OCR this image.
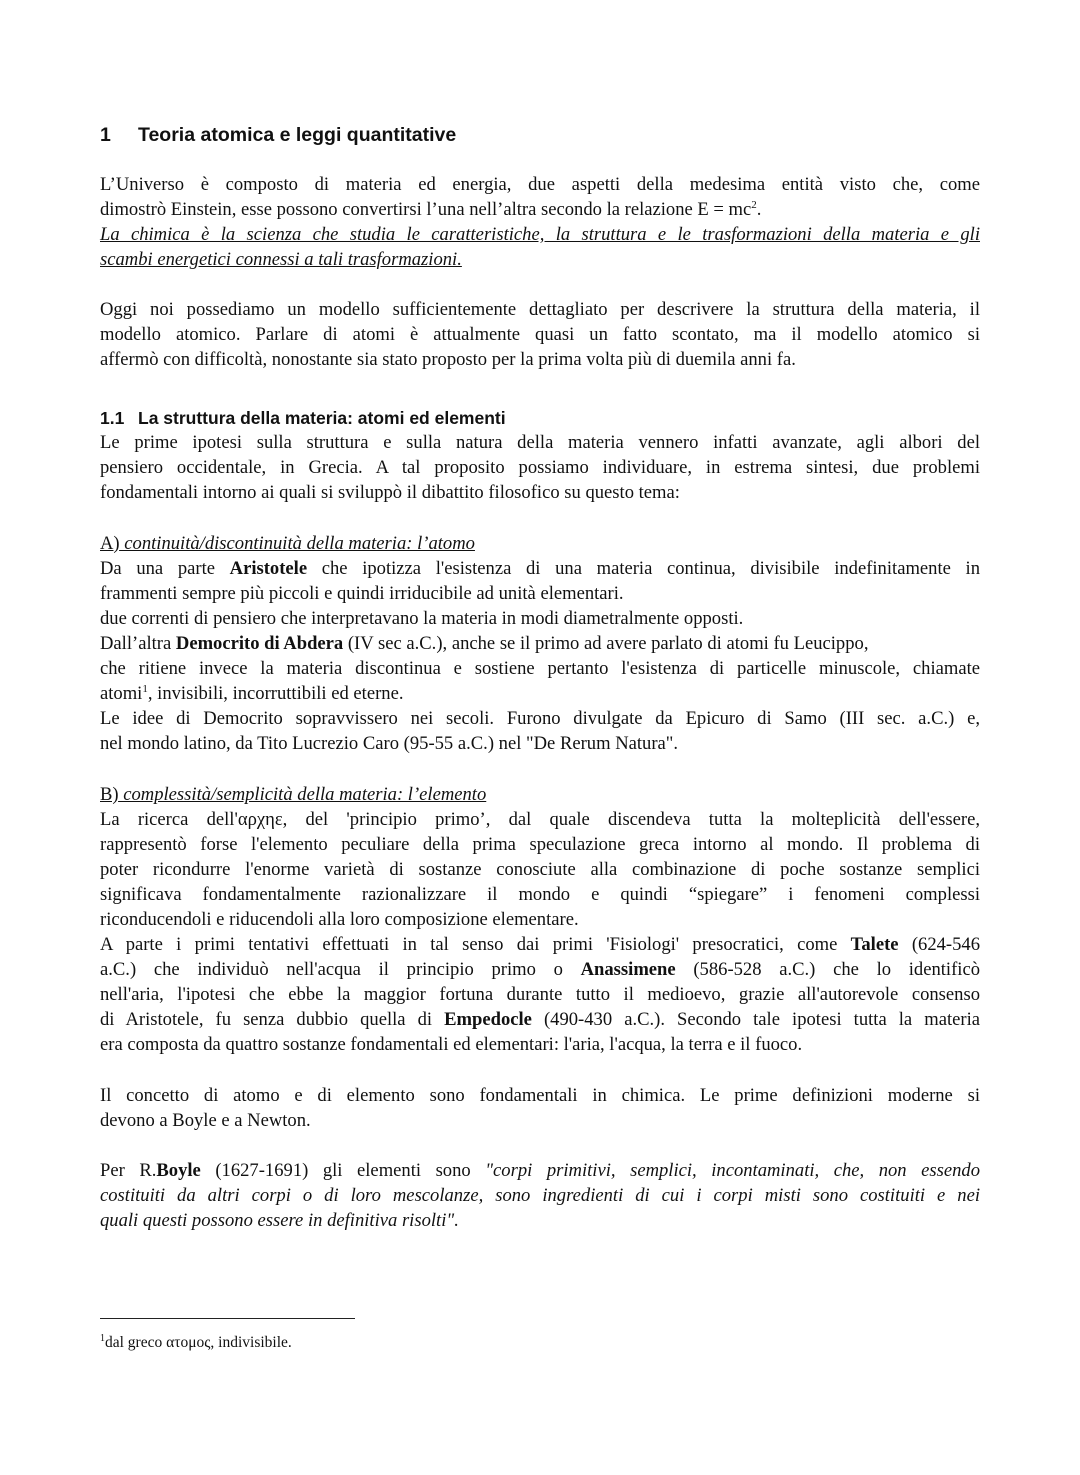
1 Teoria atomica e leggi quantitative
L’Universo è composto di materia ed energia, due aspetti della medesima entità visto che, come
dimostrò Einstein, esse possono convertirsi l’una nell’altra secondo la relazione $E = mc^2$.
La chimica è la scienza che studia le caratteristiche, la struttura e le trasformazioni della materia e gli
scambi energetici connessi a tali trasformazioni.
Oggi noi possediamo un modello sufficientemente dettagliato per descrivere la struttura della materia, il
modello atomico. Parlare di atomi è attualmente quasi un fatto scontato, ma il modello atomico si
affermò con difficoltà, nonostante sia stato proposto per la prima volta più di duemila anni fa.
1.1 La struttura della materia: atomi ed elementi
Le prime ipotesi sulla struttura e sulla natura della materia vennero infatti avanzate, agli albori del
pensiero occidentale, in Grecia. A tal proposito possiamo individuare, in estrema sintesi, due problemi
fondamentali intorno ai quali si sviluppò il dibattito filosofico su questo tema:
A) continuità/discontinuità della materia: l’atomo
Da una parte Aristotele che ipotizza l'esistenza di una materia continua, divisibile indefinitamente in
frammenti sempre più piccoli e quindi irriducibile ad unità elementari.
due correnti di pensiero che interpretavano la materia in modi diametralmente opposti.
Dall’altra Democrito di Abdera (IV sec a.C.), anche se il primo ad avere parlato di atomi fu Leucippo,
che ritiene invece la materia discontinua e sostiene pertanto l'esistenza di particelle minuscole, chiamate
atomi$^1$, invisibili, incorruttibili ed eterne.
Le idee di Democrito sopravvissero nei secoli. Furono divulgate da Epicuro di Samo (III sec. a.C.) e,
nel mondo latino, da Tito Lucrezio Caro (95-55 a.C.) nel "De Rerum Natura".
B) complessità/semplicità della materia: l’elemento
La ricerca dell'αρχηε, del 'principio primo’, dal quale discendeva tutta la molteplicità dell'essere,
rappresentò forse l'elemento peculiare della prima speculazione greca intorno al mondo. Il problema di
poter ricondurre l'enorme varietà di sostanze conosciute alla combinazione di poche sostanze semplici
significava fondamentalmente razionalizzare il mondo e quindi “spiegare” i fenomeni complessi
riconducendoli e riducendoli alla loro composizione elementare.
A parte i primi tentativi effettuati in tal senso dai primi 'Fisiologi' presocratici, come Talete (624-546
a.C.) che individuò nell'acqua il principio primo o Anassimene (586-528 a.C.) che lo identificò
nell'aria, l'ipotesi che ebbe la maggior fortuna durante tutto il medioevo, grazie all'autorevole consenso
di Aristotele, fu senza dubbio quella di Empedocle (490-430 a.C.). Secondo tale ipotesi tutta la materia
era composta da quattro sostanze fondamentali ed elementari: l'aria, l'acqua, la terra e il fuoco.
Il concetto di atomo e di elemento sono fondamentali in chimica. Le prime definizioni moderne si
devono a Boyle e a Newton.
Per R.Boyle (1627-1691) gli elementi sono "corpi primitivi, semplici, incontaminati, che, non essendo
costituiti da altri corpi o di loro mescolanze, sono ingredienti di cui i corpi misti sono costituiti e nei
quali questi possono essere in definitiva risolti".
$^1$dal greco ατομος, indivisibile.
